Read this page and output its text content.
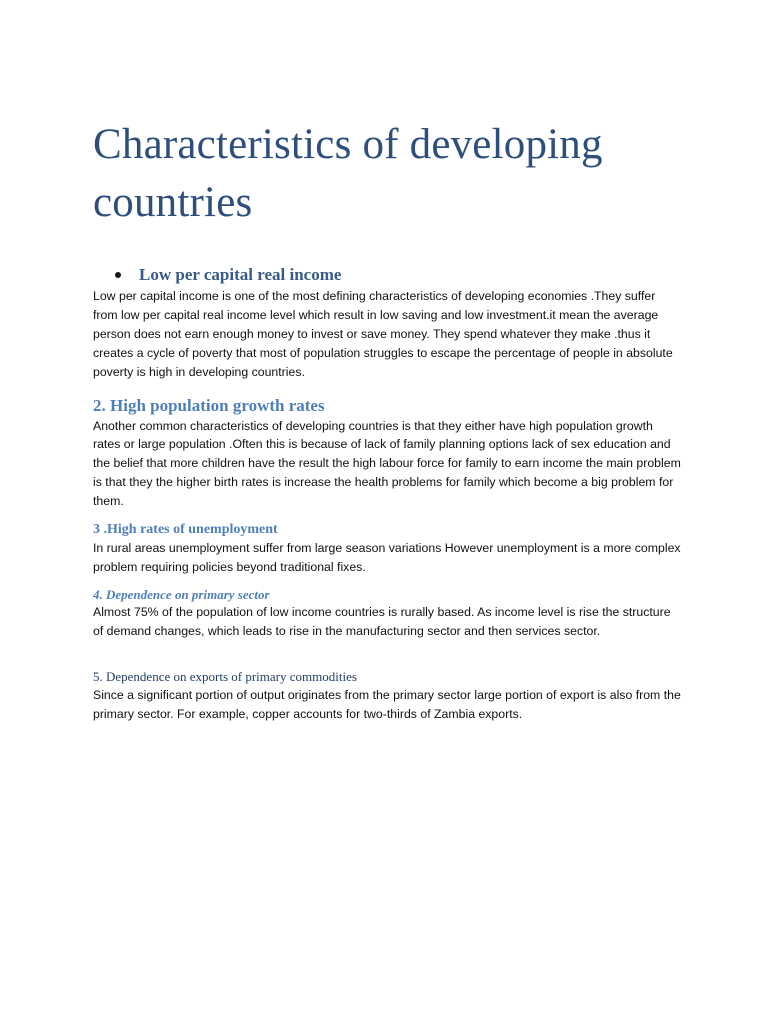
Characteristics of developing
countries
Low per capital real income

Low per capital income is one of the most defining characteristics of developing economies .They suffer from low per capital real income level which result in low saving and low investment.it mean the average person does not earn enough money to invest or save money. They spend whatever they make .thus it creates a cycle of poverty that most of population struggles to escape the percentage of people in absolute poverty is high in developing countries.

2. High population growth rates

Another common characteristics of developing countries is that they either have high population growth rates or large population .Often this is because of lack of family planning options lack of sex education and the belief that more children have the result the high labour force for family to earn income the main problem is that they the higher birth rates is increase the health problems for family which become a big problem for them.

3 .High rates of unemployment

In rural areas unemployment suffer from large season variations However unemployment is a more complex problem requiring policies beyond traditional fixes.

4. Dependence on primary sector

Almost 75% of the population of low income countries is rurally based. As income level is rise the structure of demand changes, which leads to rise in the manufacturing sector and then services sector.

5. Dependence on exports of primary commodities

Since a significant portion of output originates from the primary sector large portion of export is also from the primary sector. For example, copper accounts for two-thirds of Zambia exports.
